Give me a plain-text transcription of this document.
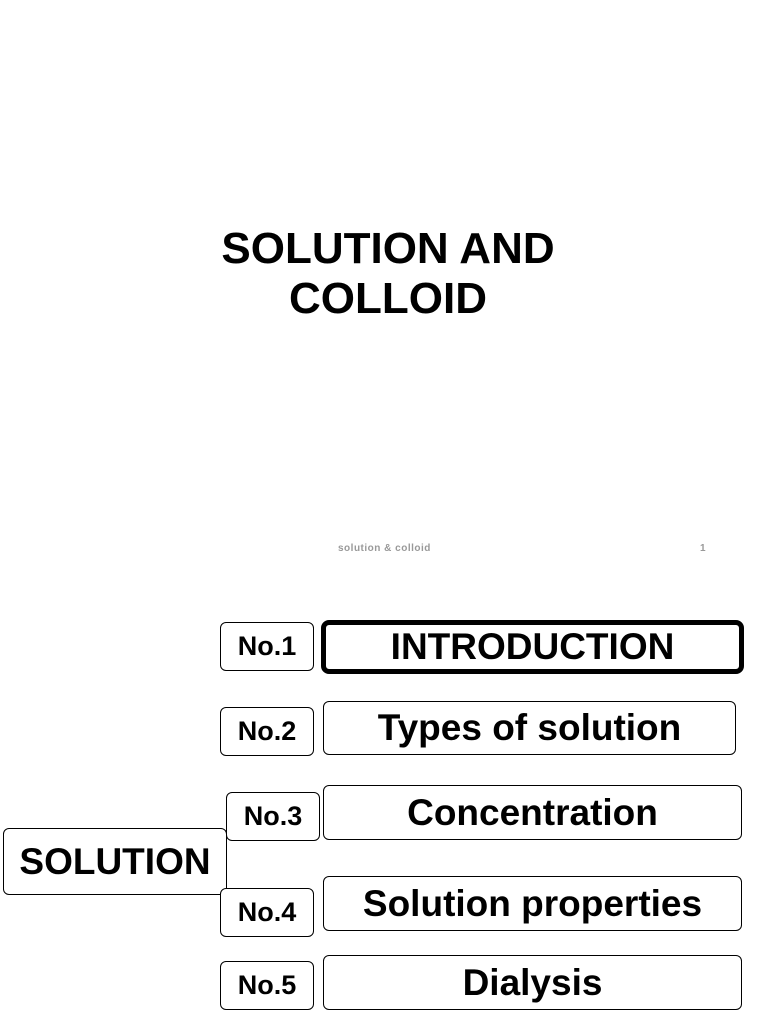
SOLUTION AND
COLLOID
solution & colloid	1
SOLUTION
No.1	INTRODUCTION
No.2	Types of solution
No.3	Concentration
No.4	Solution properties
No.5	Dialysis
